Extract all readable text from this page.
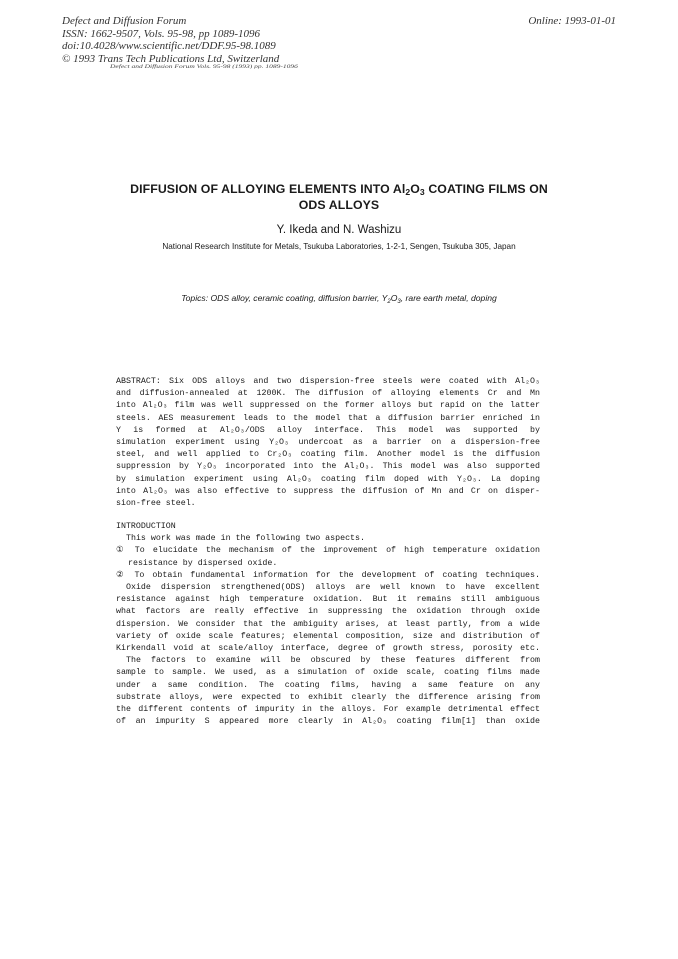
Defect and Diffusion Forum
ISSN: 1662-9507, Vols. 95-98, pp 1089-1096
doi:10.4028/www.scientific.net/DDF.95-98.1089
© 1993 Trans Tech Publications Ltd, Switzerland
Online: 1993-01-01
Defect and Diffusion Forum Vols. 95-98 (1993) pp. 1089-1096
DIFFUSION OF ALLOYING ELEMENTS INTO $Al_2O_3$ COATING FILMS ON
ODS ALLOYS
Y. Ikeda and N. Washizu
National Research Institute for Metals, Tsukuba Laboratories, 1-2-1, Sengen, Tsukuba 305, Japan
Topics: ODS alloy, ceramic coating, diffusion barrier, $Y_2O_3$, rare earth metal, doping
ABSTRACT: Six ODS alloys and two dispersion-free steels were coated with Al₂O₃
and diffusion-annealed at 1200K. The diffusion of alloying elements Cr and Mn
into Al₂O₃ film was well suppressed on the former alloys but rapid on the latter
steels. AES measurement leads to the model that a diffusion barrier enriched in
Y is formed at Al₂O₃/ODS alloy interface. This model was supported by
simulation experiment using Y₂O₃ undercoat as a barrier on a dispersion-free
steel, and well applied to Cr₂O₃ coating film. Another model is the diffusion
suppression by Y₂O₃ incorporated into the Al₂O₃. This model was also supported
by simulation experiment using Al₂O₃ coating film doped with Y₂O₃. La doping
into Al₂O₃ was also effective to suppress the diffusion of Mn and Cr on disper-
sion-free steel.
INTRODUCTION
This work was made in the following two aspects.
① To elucidate the mechanism of the improvement of high temperature oxidation
resistance by dispersed oxide.
② To obtain fundamental information for the development of coating techniques.
Oxide dispersion strengthened(ODS) alloys are well known to have excellent
resistance against high temperature oxidation. But it remains still ambiguous
what factors are really effective in suppressing the oxidation through oxide
dispersion. We consider that the ambiguity arises, at least partly, from a wide
variety of oxide scale features; elemental composition, size and distribution of
Kirkendall void at scale/alloy interface, degree of growth stress, porosity etc.
The factors to examine will be obscured by these features different from
sample to sample. We used, as a simulation of oxide scale, coating films made
under a same condition. The coating films, having a same feature on any
substrate alloys, were expected to exhibit clearly the difference arising from
the different contents of impurity in the alloys. For example detrimental effect
of an impurity S appeared more clearly in Al₂O₃ coating film[1] than oxide
